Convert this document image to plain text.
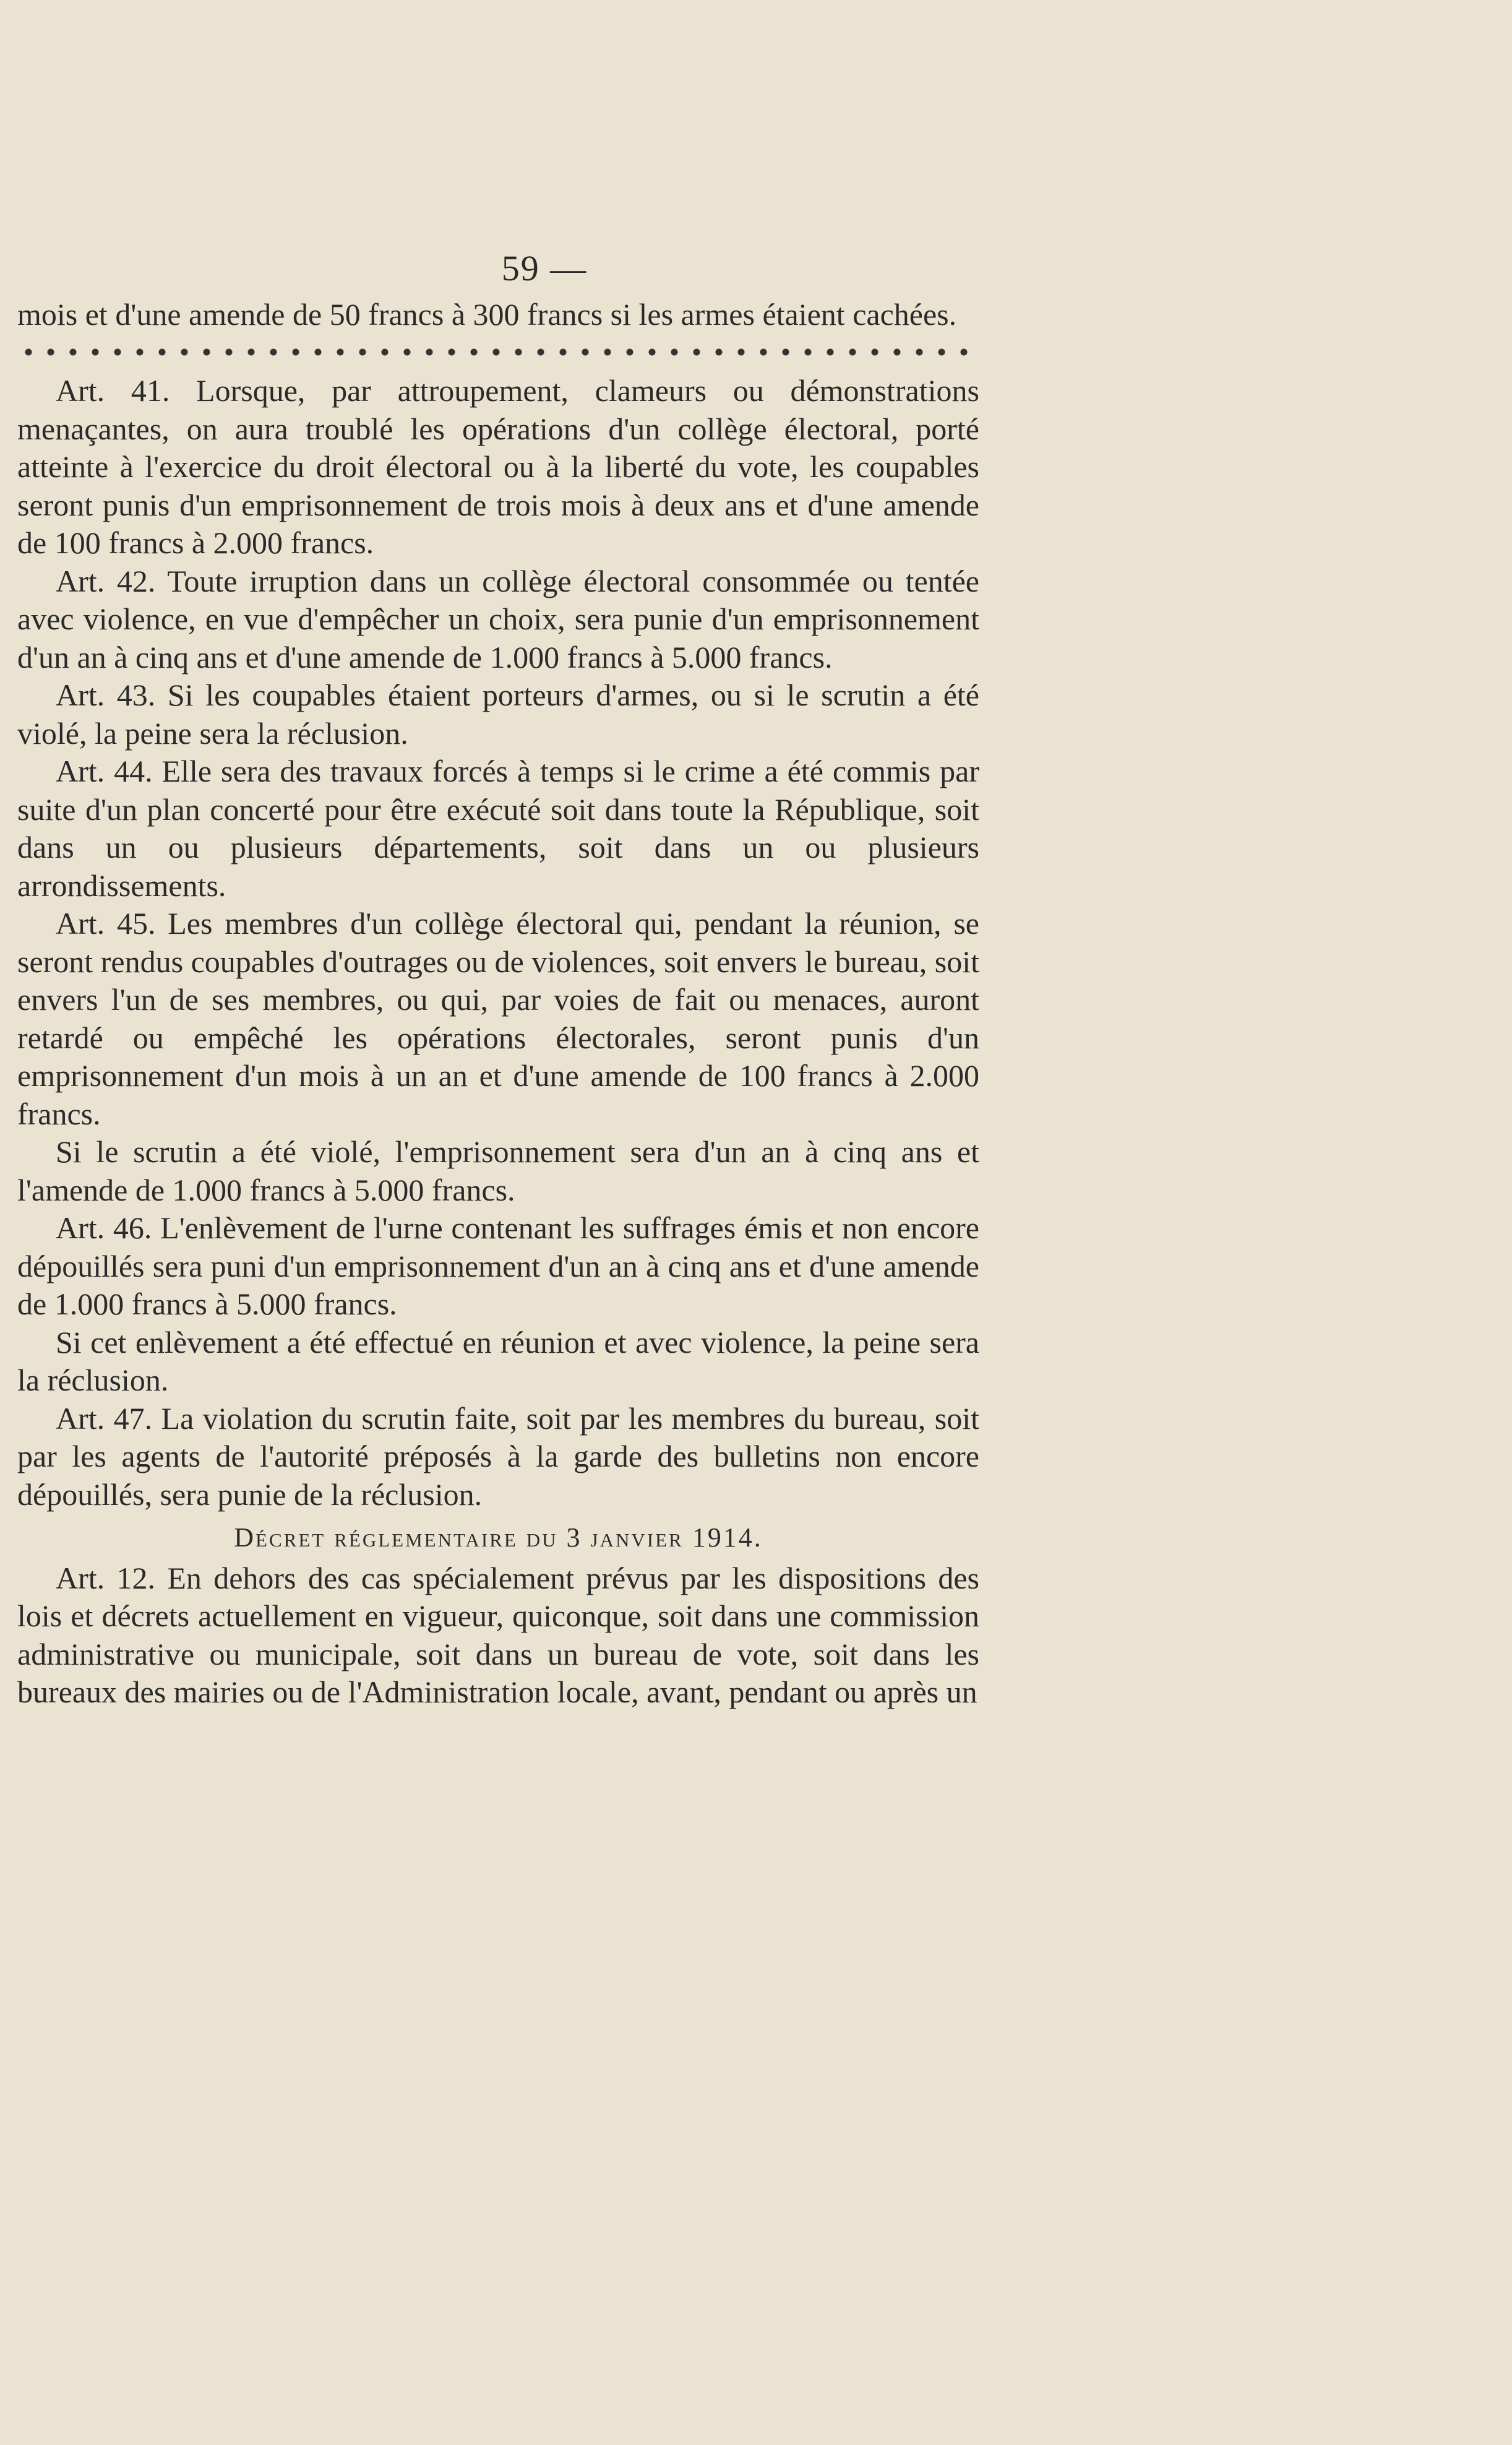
59 —

mois et d'une amende de 50 francs à 300 francs si les armes étaient cachées.

Art. 41. Lorsque, par attroupement, clameurs ou démonstrations menaçantes, on aura troublé les opérations d'un collège électoral, porté atteinte à l'exercice du droit électoral ou à la liberté du vote, les coupables seront punis d'un emprisonnement de trois mois à deux ans et d'une amende de 100 francs à 2.000 francs.

Art. 42. Toute irruption dans un collège électoral consommée ou tentée avec violence, en vue d'empêcher un choix, sera punie d'un emprisonnement d'un an à cinq ans et d'une amende de 1.000 francs à 5.000 francs.

Art. 43. Si les coupables étaient porteurs d'armes, ou si le scrutin a été violé, la peine sera la réclusion.

Art. 44. Elle sera des travaux forcés à temps si le crime a été commis par suite d'un plan concerté pour être exécuté soit dans toute la République, soit dans un ou plusieurs départements, soit dans un ou plusieurs arrondissements.

Art. 45. Les membres d'un collège électoral qui, pendant la réunion, se seront rendus coupables d'outrages ou de violences, soit envers le bureau, soit envers l'un de ses membres, ou qui, par voies de fait ou menaces, auront retardé ou empêché les opérations électorales, seront punis d'un emprisonnement d'un mois à un an et d'une amende de 100 francs à 2.000 francs.

Si le scrutin a été violé, l'emprisonnement sera d'un an à cinq ans et l'amende de 1.000 francs à 5.000 francs.

Art. 46. L'enlèvement de l'urne contenant les suffrages émis et non encore dépouillés sera puni d'un emprisonnement d'un an à cinq ans et d'une amende de 1.000 francs à 5.000 francs.

Si cet enlèvement a été effectué en réunion et avec violence, la peine sera la réclusion.

Art. 47. La violation du scrutin faite, soit par les membres du bureau, soit par les agents de l'autorité préposés à la garde des bulletins non encore dépouillés, sera punie de la réclusion.

Décret réglementaire du 3 janvier 1914.

Art. 12. En dehors des cas spécialement prévus par les dispositions des lois et décrets actuellement en vigueur, quiconque, soit dans une commission administrative ou municipale, soit dans un bureau de vote, soit dans les bureaux des mairies ou de l'Administration locale, avant, pendant ou après un
